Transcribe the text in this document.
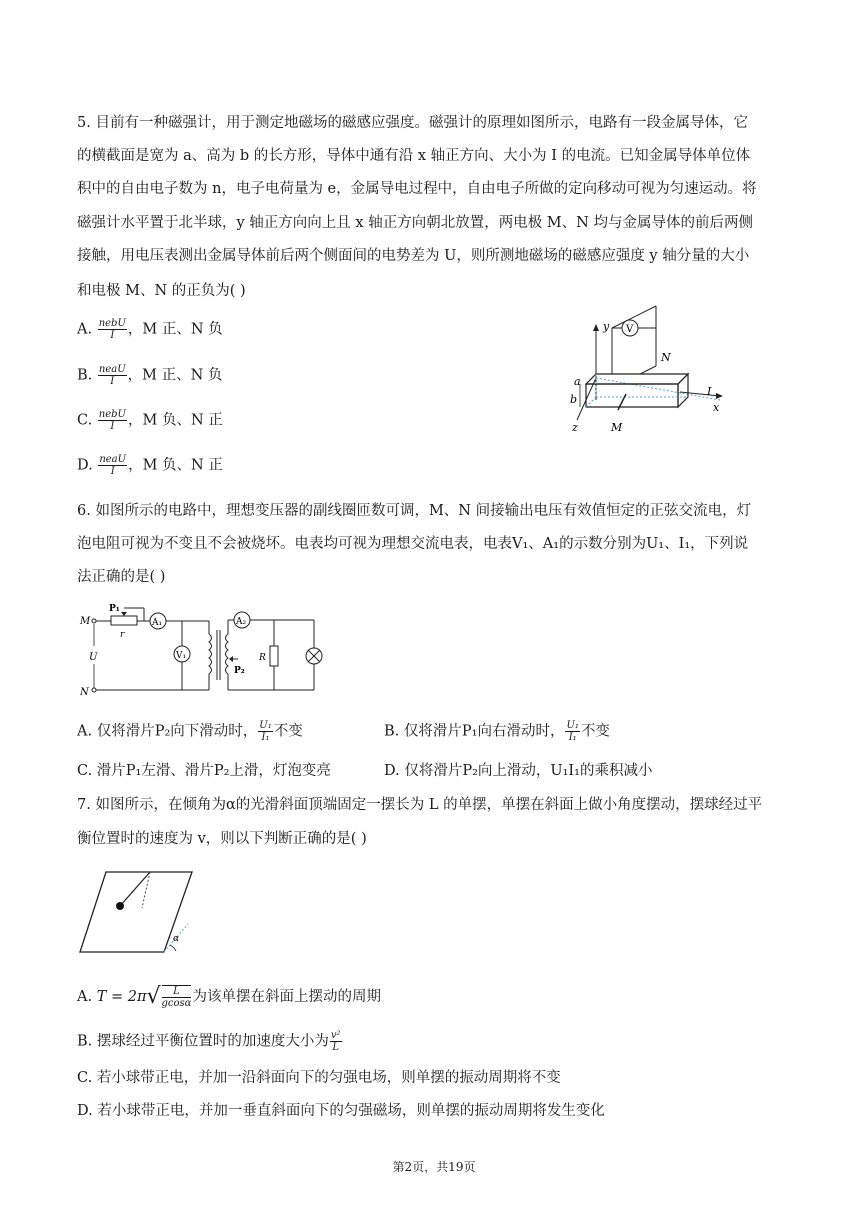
5. 目前有一种磁强计，用于测定地磁场的磁感应强度。磁强计的原理如图所示，电路有一段金属导体，它
的横截面是宽为 a、高为 b 的长方形，导体中通有沿 x 轴正方向、大小为 I 的电流。已知金属导体单位体
积中的自由电子数为 n，电子电荷量为 e，金属导电过程中，自由电子所做的定向移动可视为匀速运动。将
磁强计水平置于北半球，y 轴正方向向上且 x 轴正方向朝北放置，两电极 M、N 均与金属导体的前后两侧
接触，用电压表测出金属导体前后两个侧面间的电势差为 U，则所测地磁场的磁感应强度 y 轴分量的大小
和电极 M、N 的正负为( )
A. $\frac{\text{nebU}}{I}$ ，M 正、N 负
B. $\frac{\text{neaU}}{I}$ ，M 正、N 负
C. $\frac{\text{nebU}}{I}$ ，M 负、N 正
D. $\frac{\text{neaU}}{I}$ ，M 负、N 正
y
z
x
M
V
N
a
b
I
6. 如图所示的电路中，理想变压器的副线圈匝数可调，M、N 间接输出电压有效值恒定的正弦交流电，灯
泡电阻可视为不变且不会被烧坏。电表均可视为理想交流电表，电表V₁、A₁的示数分别为U₁、I₁，下列说
法正确的是( )
M
N
U
r
P₁
A₁
V₁
P₂
A₂
R
A. 仅将滑片P₂向下滑动时， $\frac{\text{U₁}}{\text{I₁}}$ 不变	B. 仅将滑片P₁向右滑动时， $\frac{\text{U₁}}{\text{I₁}}$ 不变
C. 滑片P₁左滑、滑片P₂上滑，灯泡变亮	D. 仅将滑片P₂向上滑动，U₁I₁的乘积减小
7. 如图所示，在倾角为α的光滑斜面顶端固定一摆长为 L 的单摆，单摆在斜面上做小角度摆动，摆球经过平
衡位置时的速度为 v，则以下判断正确的是( )
α
A. $T = 2\pi√ \frac{L}{gcos\alpha}$ 为该单摆在斜面上摆动的周期
B. 摆球经过平衡位置时的加速度大小为 $\frac{\text{v²}}{L}$
C. 若小球带正电，并加一沿斜面向下的匀强电场，则单摆的振动周期将不变
D. 若小球带正电，并加一垂直斜面向下的匀强磁场，则单摆的振动周期将发生变化
第2页，共19页
